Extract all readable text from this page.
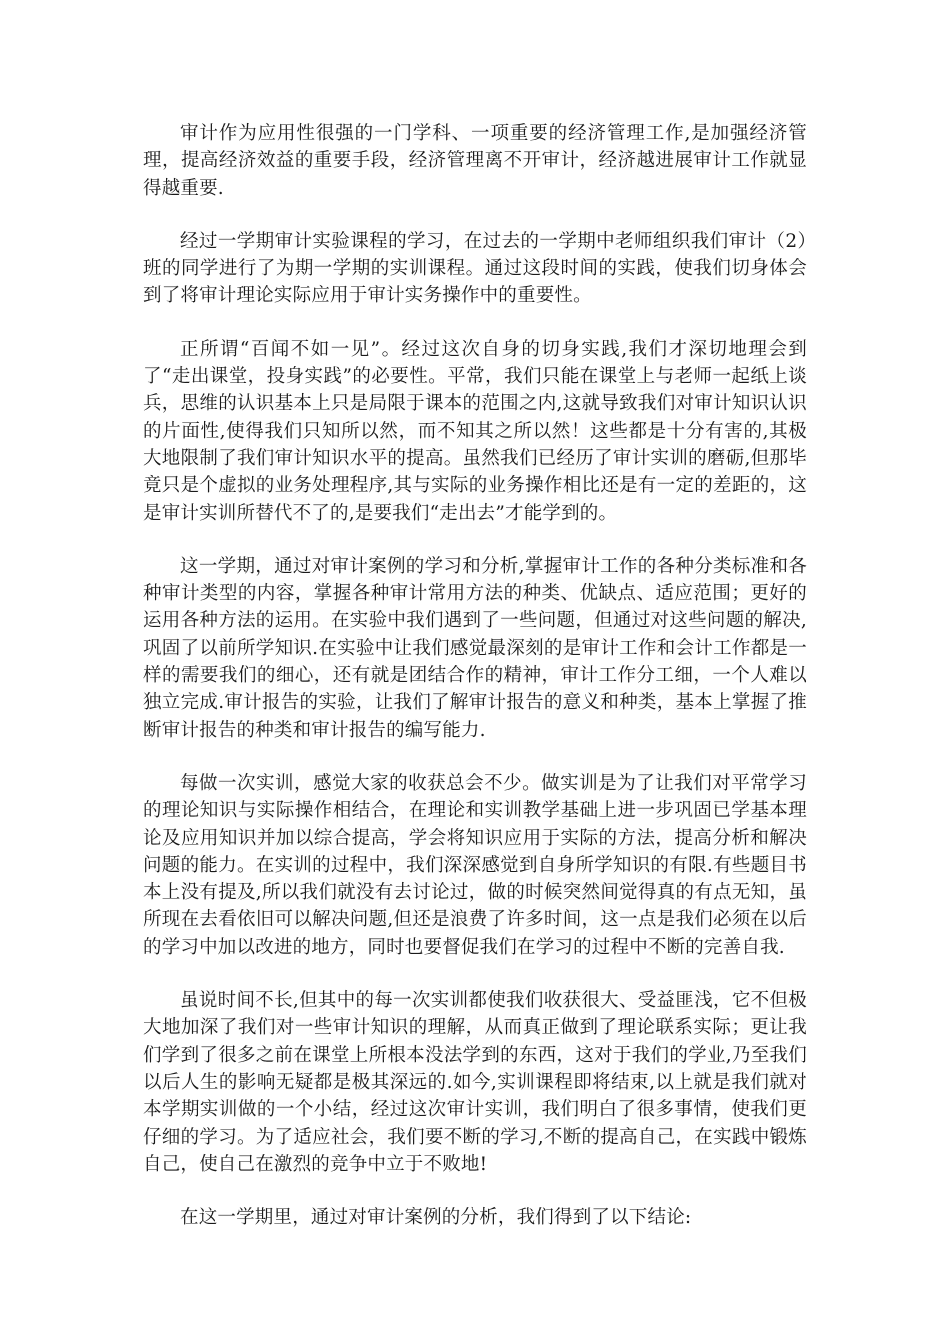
审计作为应用性很强的一门学科、一项重要的经济管理工作,是加强经济管理，提高经济效益的重要手段，经济管理离不开审计，经济越进展审计工作就显得越重要.

经过一学期审计实验课程的学习，在过去的一学期中老师组织我们审计（2）班的同学进行了为期一学期的实训课程。通过这段时间的实践，使我们切身体会到了将审计理论实际应用于审计实务操作中的重要性。

正所谓“百闻不如一见”。经过这次自身的切身实践,我们才深切地理会到了“走出课堂，投身实践”的必要性。平常，我们只能在课堂上与老师一起纸上谈兵，思维的认识基本上只是局限于课本的范围之内,这就导致我们对审计知识认识的片面性,使得我们只知所以然，而不知其之所以然！这些都是十分有害的,其极大地限制了我们审计知识水平的提高。虽然我们已经历了审计实训的磨砺,但那毕竟只是个虚拟的业务处理程序,其与实际的业务操作相比还是有一定的差距的，这是审计实训所替代不了的,是要我们“走出去”才能学到的。

这一学期，通过对审计案例的学习和分析,掌握审计工作的各种分类标准和各种审计类型的内容，掌握各种审计常用方法的种类、优缺点、适应范围；更好的运用各种方法的运用。在实验中我们遇到了一些问题，但通过对这些问题的解决,巩固了以前所学知识.在实验中让我们感觉最深刻的是审计工作和会计工作都是一样的需要我们的细心，还有就是团结合作的精神，审计工作分工细，一个人难以独立完成.审计报告的实验，让我们了解审计报告的意义和种类，基本上掌握了推断审计报告的种类和审计报告的编写能力.

每做一次实训，感觉大家的收获总会不少。做实训是为了让我们对平常学习的理论知识与实际操作相结合，在理论和实训教学基础上进一步巩固已学基本理论及应用知识并加以综合提高，学会将知识应用于实际的方法，提高分析和解决问题的能力。在实训的过程中，我们深深感觉到自身所学知识的有限.有些题目书本上没有提及,所以我们就没有去讨论过，做的时候突然间觉得真的有点无知，虽所现在去看依旧可以解决问题,但还是浪费了许多时间，这一点是我们必须在以后的学习中加以改进的地方，同时也要督促我们在学习的过程中不断的完善自我.

虽说时间不长,但其中的每一次实训都使我们收获很大、受益匪浅，它不但极大地加深了我们对一些审计知识的理解，从而真正做到了理论联系实际；更让我们学到了很多之前在课堂上所根本没法学到的东西，这对于我们的学业,乃至我们以后人生的影响无疑都是极其深远的.如今,实训课程即将结束,以上就是我们就对本学期实训做的一个小结，经过这次审计实训，我们明白了很多事情，使我们更仔细的学习。为了适应社会，我们要不断的学习,不断的提高自己，在实践中锻炼自己，使自己在激烈的竞争中立于不败地!

在这一学期里，通过对审计案例的分析，我们得到了以下结论:
